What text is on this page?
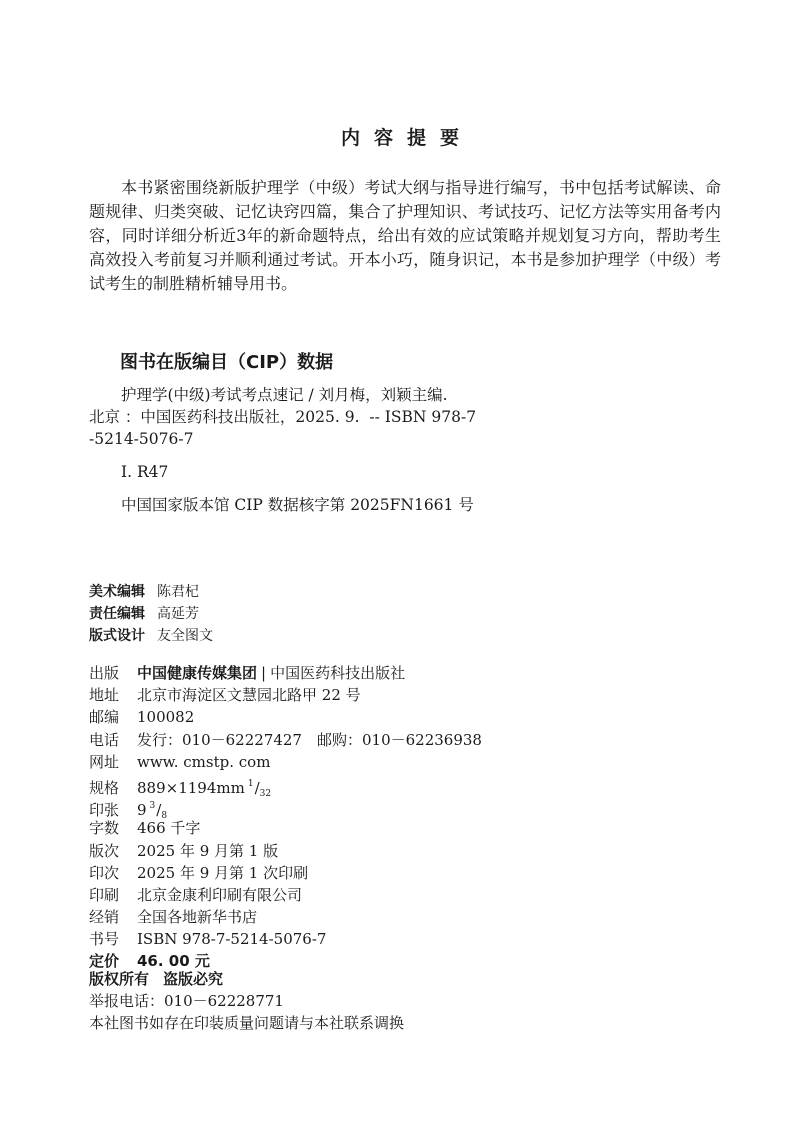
内容提要

本书紧密围绕新版护理学（中级）考试大纲与指导进行编写，书中包括考试解读、命题规律、归类突破、记忆诀窍四篇，集合了护理知识、考试技巧、记忆方法等实用备考内容，同时详细分析近3年的新命题特点，给出有效的应试策略并规划复习方向，帮助考生高效投入考前复习并顺利通过考试。开本小巧，随身识记，本书是参加护理学（中级）考试考生的制胜精析辅导用书。

图书在版编目（CIP）数据
护理学(中级)考试考点速记 / 刘月梅，刘颖主编.
北京 ：中国医药科技出版社，2025. 9.  -- ISBN 978-7
-5214-5076-7
Ⅰ. R47
中国国家版本馆 CIP 数据核字第 2025FN1661 号
美术编辑 陈君杞
责任编辑 高延芳
版式设计 友全图文
出版 中国健康传媒集团 | 中国医药科技出版社
地址 北京市海淀区文慧园北路甲 22 号
邮编 100082
电话 发行：010－62227427　邮购：010－62236938
网址 www. cmstp. com
规格 889×1194mm $^1/_{32}$
印张 9 $^3/_8$
字数 466 千字
版次 2025 年 9 月第 1 版
印次 2025 年 9 月第 1 次印刷
印刷 北京金康利印刷有限公司
经销 全国各地新华书店
书号 ISBN 978-7-5214-5076-7
定价 46. 00 元
版权所有 盗版必究
举报电话：010－62228771
本社图书如存在印装质量问题请与本社联系调换
